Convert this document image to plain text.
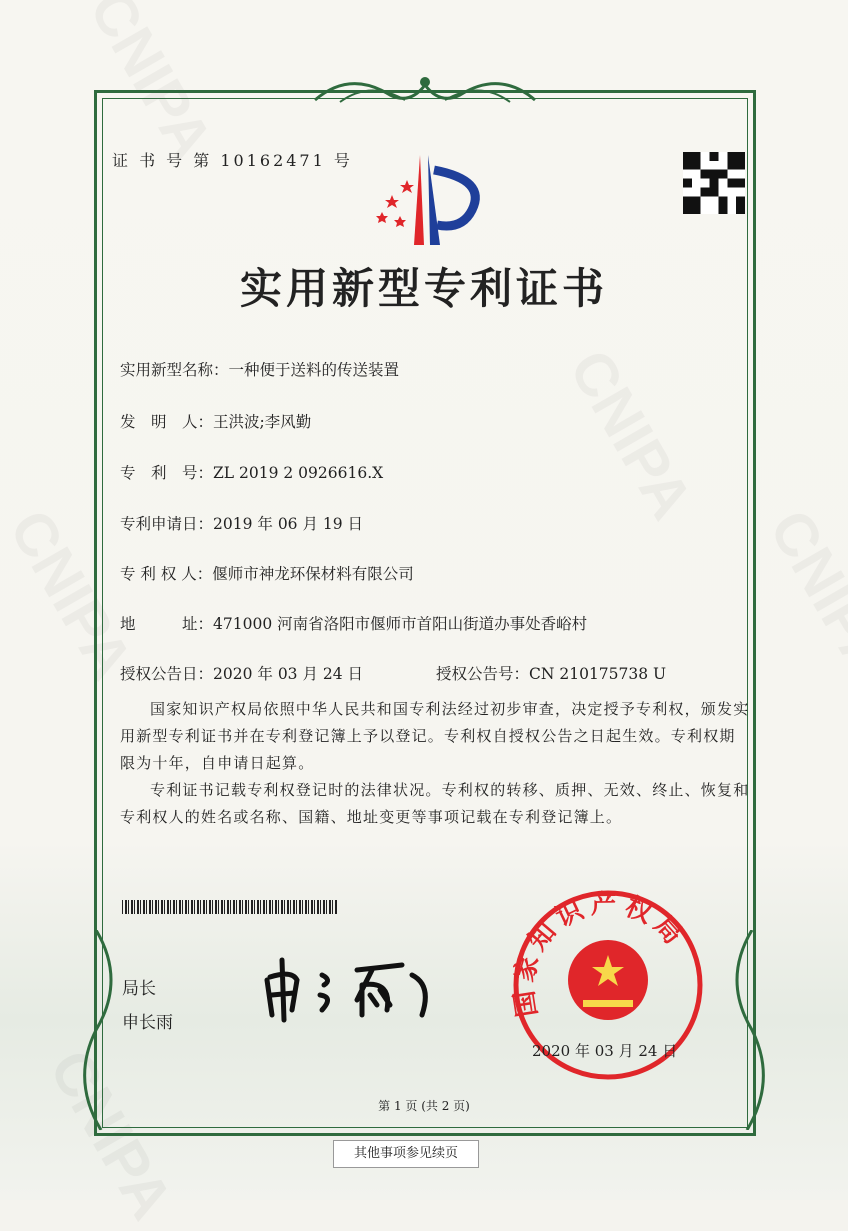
证 书 号 第 10162471 号
实用新型专利证书
实用新型名称：一种便于送料的传送装置
发　明　人：王洪波;李风勤
专　利　号：ZL 2019 2 0926616.X
专利申请日：2019 年 06 月 19 日
专 利 权 人：偃师市神龙环保材料有限公司
地　　　址：471000 河南省洛阳市偃师市首阳山街道办事处香峪村
授权公告日：2020 年 03 月 24 日	授权公告号：CN 210175738 U

国家知识产权局依照中华人民共和国专利法经过初步审查，决定授予专利权，颁发实用新型专利证书并在专利登记簿上予以登记。专利权自授权公告之日起生效。专利权期限为十年，自申请日起算。

专利证书记载专利权登记时的法律状况。专利权的转移、质押、无效、终止、恢复和专利权人的姓名或名称、国籍、地址变更等事项记载在专利登记簿上。

局长
申长雨
国家知识产权局
2020 年 03 月 24 日
第 1 页 (共 2 页)
其他事项参见续页
